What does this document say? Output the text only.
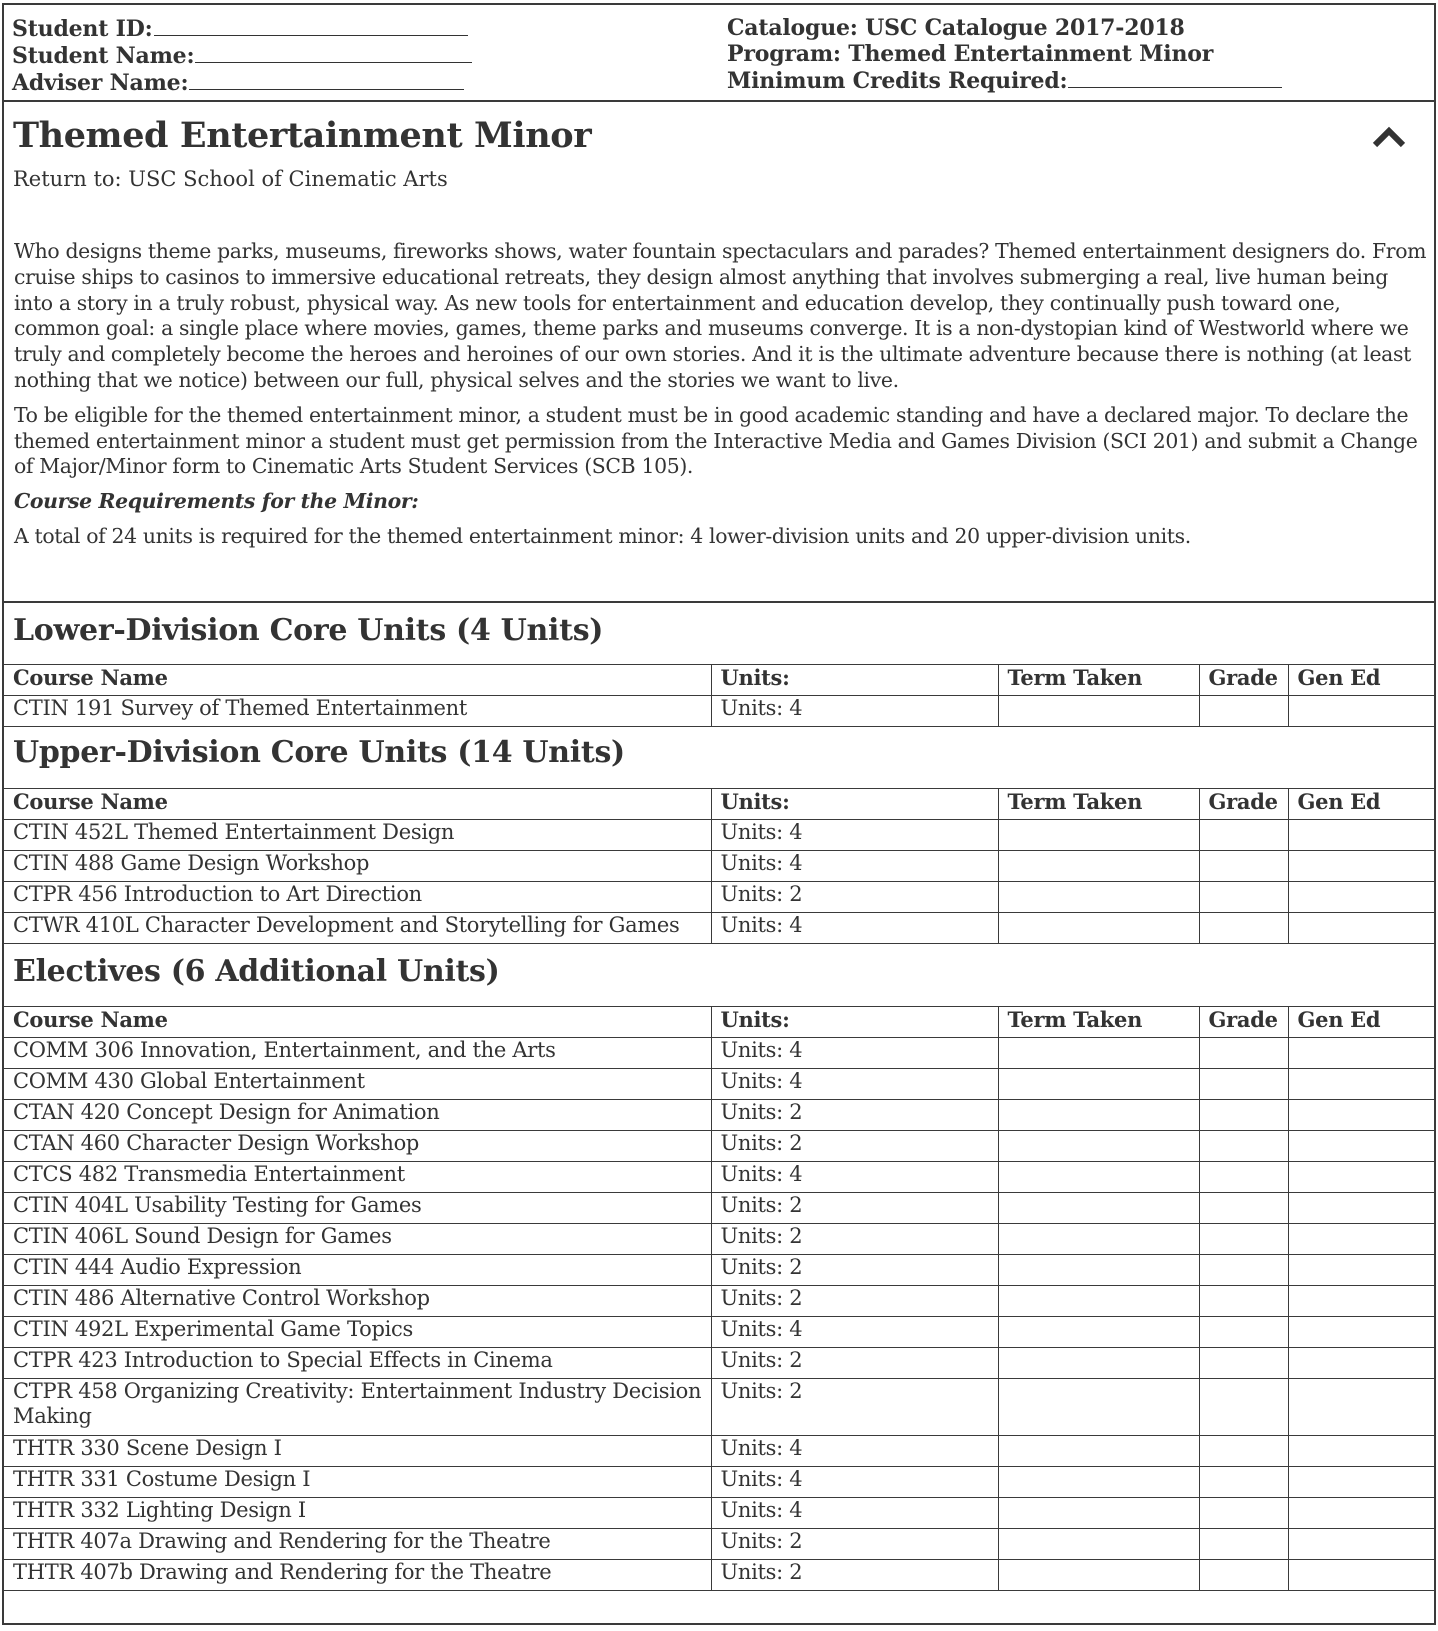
Student ID:
Student Name:
Adviser Name:
Catalogue: USC Catalogue 2017-2018
Program: Themed Entertainment Minor
Minimum Credits Required:
Themed Entertainment Minor
Return to: USC School of Cinematic Arts

Who designs theme parks, museums, fireworks shows, water fountain spectaculars and parades? Themed entertainment designers do. From cruise ships to casinos to immersive educational retreats, they design almost anything that involves submerging a real, live human being into a story in a truly robust, physical way. As new tools for entertainment and education develop, they continually push toward one, common goal: a single place where movies, games, theme parks and museums converge. It is a non-dystopian kind of Westworld where we truly and completely become the heroes and heroines of our own stories. And it is the ultimate adventure because there is nothing (at least nothing that we notice) between our full, physical selves and the stories we want to live.

To be eligible for the themed entertainment minor, a student must be in good academic standing and have a declared major. To declare the themed entertainment minor a student must get permission from the Interactive Media and Games Division (SCI 201) and submit a Change of Major/Minor form to Cinematic Arts Student Services (SCB 105).

Course Requirements for the Minor:

A total of 24 units is required for the themed entertainment minor: 4 lower-division units and 20 upper-division units.

Lower-Division Core Units (4 Units)
Course Name	Units:	Term Taken	Grade	Gen Ed
CTIN 191 Survey of Themed Entertainment	Units: 4			
Upper-Division Core Units (14 Units)
Course Name	Units:	Term Taken	Grade	Gen Ed
CTIN 452L Themed Entertainment Design	Units: 4			
CTIN 488 Game Design Workshop	Units: 4			
CTPR 456 Introduction to Art Direction	Units: 2			
CTWR 410L Character Development and Storytelling for Games	Units: 4			
Electives (6 Additional Units)
Course Name	Units:	Term Taken	Grade	Gen Ed
COMM 306 Innovation, Entertainment, and the Arts	Units: 4			
COMM 430 Global Entertainment	Units: 4			
CTAN 420 Concept Design for Animation	Units: 2			
CTAN 460 Character Design Workshop	Units: 2			
CTCS 482 Transmedia Entertainment	Units: 4			
CTIN 404L Usability Testing for Games	Units: 2			
CTIN 406L Sound Design for Games	Units: 2			
CTIN 444 Audio Expression	Units: 2			
CTIN 486 Alternative Control Workshop	Units: 2			
CTIN 492L Experimental Game Topics	Units: 4			
CTPR 423 Introduction to Special Effects in Cinema	Units: 2			
CTPR 458 Organizing Creativity: Entertainment Industry Decision Making	Units: 2			
THTR 330 Scene Design I	Units: 4			
THTR 331 Costume Design I	Units: 4			
THTR 332 Lighting Design I	Units: 4			
THTR 407a Drawing and Rendering for the Theatre	Units: 2			
THTR 407b Drawing and Rendering for the Theatre	Units: 2			
